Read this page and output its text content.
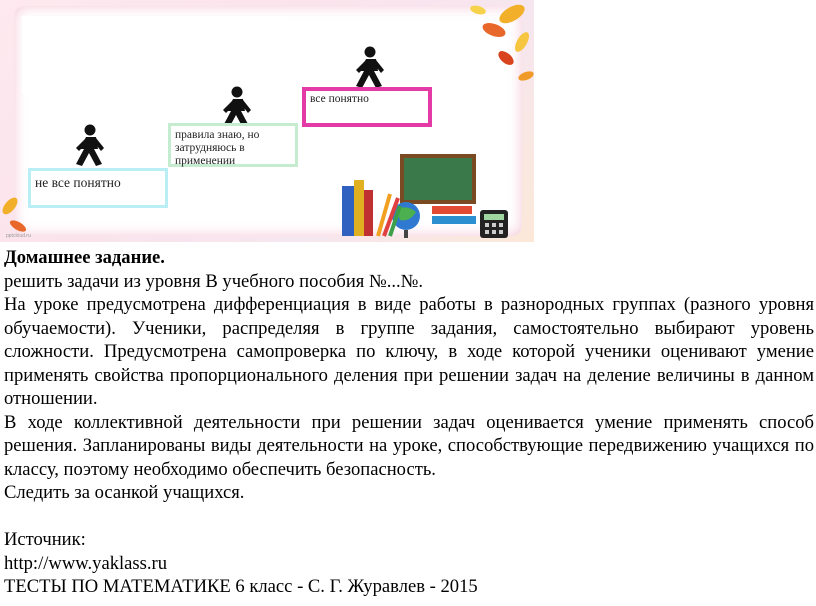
не все понятно
правила знаю, но затрудняюсь в применении
все понятно
pptcloud.ru

Домашнее задание.

решить задачи из уровня В учебного пособия №...№.

На уроке предусмотрена дифференциация в виде работы в разнородных группах (разного уровня обучаемости). Ученики, распределяя в группе задания, самостоятельно выбирают уровень сложности. Предусмотрена самопроверка по ключу, в ходе которой ученики оценивают умение применять свойства пропорционального деления при решении задач на деление величины в данном отношении.

В ходе коллективной деятельности при решении задач оценивается умение применять способ решения. Запланированы виды деятельности на уроке, способствующие передвижению учащихся по классу, поэтому необходимо обеспечить безопасность.

Следить за осанкой учащихся.

Источник:

http://www.yaklass.ru

ТЕСТЫ ПО МАТЕМАТИКЕ 6 класс - С. Г. Журавлев - 2015
